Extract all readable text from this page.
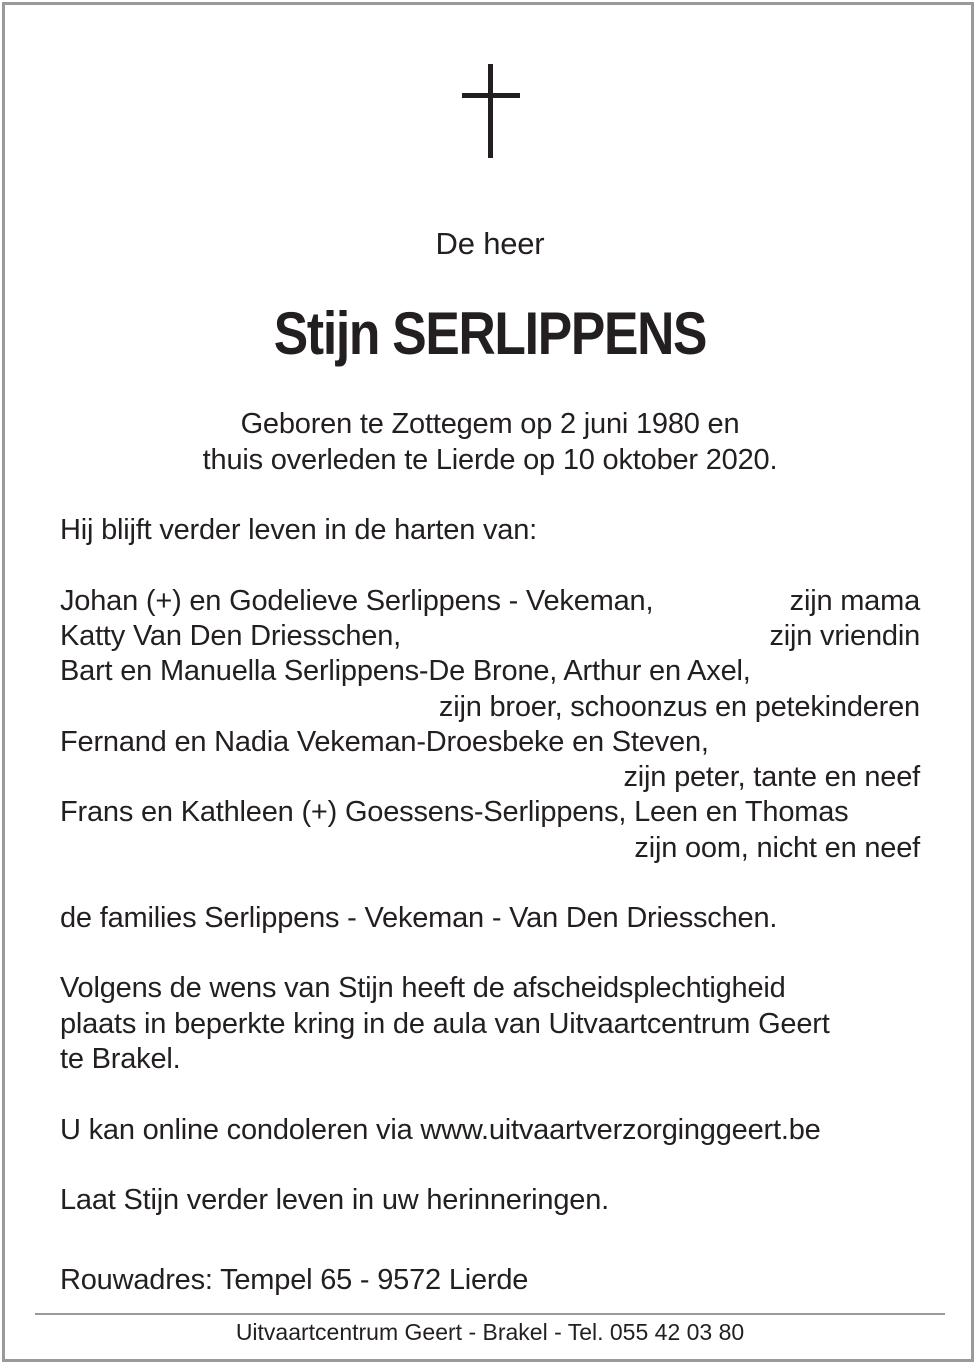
De heer
Stijn SERLIPPENS
Geboren te Zottegem op 2 juni 1980 en
thuis overleden te Lierde op 10 oktober 2020.
Hij blijft verder leven in de harten van:
Johan (+) en Godelieve Serlippens - Vekeman,	zijn mama
Katty Van Den Driesschen,	zijn vriendin
Bart en Manuella Serlippens-De Brone, Arthur en Axel,
zijn broer, schoonzus en petekinderen
Fernand en Nadia Vekeman-Droesbeke en Steven,
zijn peter, tante en neef
Frans en Kathleen (+) Goessens-Serlippens, Leen en Thomas
zijn oom, nicht en neef
de families Serlippens - Vekeman - Van Den Driesschen.
Volgens de wens van Stijn heeft de afscheidsplechtigheid
plaats in beperkte kring in de aula van Uitvaartcentrum Geert
te Brakel.
U kan online condoleren via www.uitvaartverzorginggeert.be
Laat Stijn verder leven in uw herinneringen.
Rouwadres: Tempel 65 - 9572 Lierde
Uitvaartcentrum Geert - Brakel - Tel. 055 42 03 80
